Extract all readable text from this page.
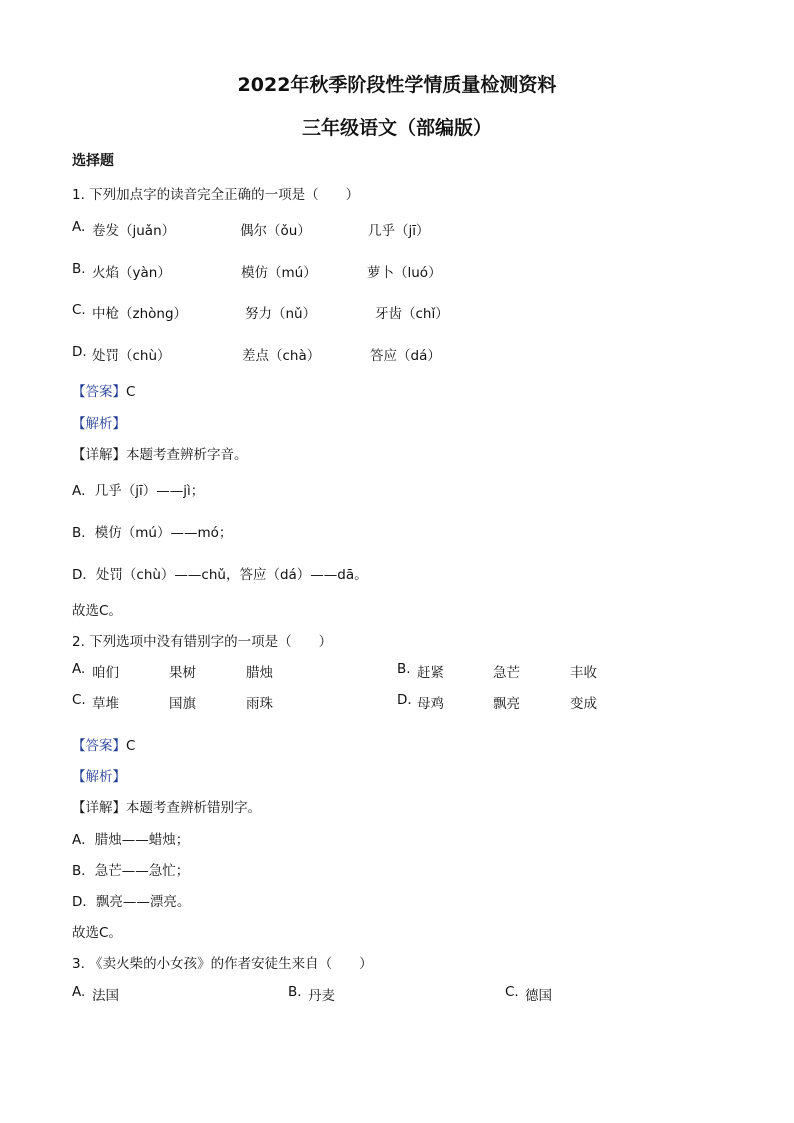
2022年秋季阶段性学情质量检测资料
三年级语文（部编版）
选择题
1. 下列加点字的读音完全正确的一项是（　　）
A. 卷发（juǎn）	偶尔（ǒu）	几乎（jī）
B. 火焰（yàn）	模仿（mú）	萝卜（luó）
C. 中枪（zhòng）	努力（nǔ）	牙齿（chǐ）
D. 处罚（chù）	差点（chà）	答应（dá）
【答案】C
【解析】
【详解】本题考查辨析字音。
A．几乎（jī）——jì；
B．模仿（mú）——mó；
D．处罚（chù）——chǔ，答应（dá）——dā。
故选C。
2. 下列选项中没有错别字的一项是（　　）
A. 咱们	果树	腊烛	B. 赶紧	急芒	丰收
C. 草堆	国旗	雨珠	D. 母鸡	飘亮	变成
【答案】C
【解析】
【详解】本题考查辨析错别字。
A．腊烛——蜡烛；
B．急芒——急忙；
D．飘亮——漂亮。
故选C。
3. 《卖火柴的小女孩》的作者安徒生来自（　　）
A. 法国	B. 丹麦	C. 德国
